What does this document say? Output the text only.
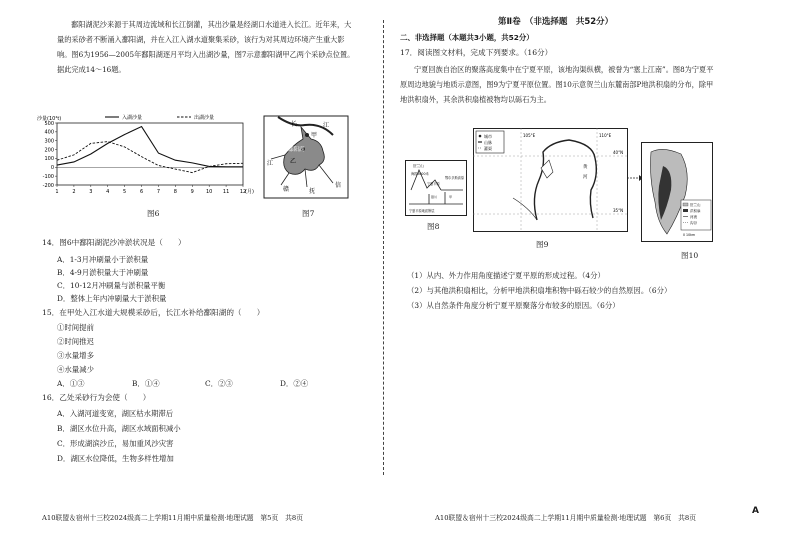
鄱阳湖泥沙来源于其周边流域和长江倒灌，其出沙量是经湖口水道进入长江。近年来，大量的采砂者不断涌入鄱阳湖，并在入江入湖水道聚集采砂，该行为对其周边环境产生重大影响。图6为1956—2005年鄱阳湖逐月平均入出湖沙量，图7示意鄱阳湖甲乙两个采砂点位置。据此完成14～16题。

-200
-100
0
100
200
300
400
500
1	2	3	4	5	6	7	8	9 10 11 12
(月)
沙量(10⁴t)	入湖沙量	出湖沙量
图6
长	江
甲
鄱阳湖
乙
江
赣	抚
信
图7

14．图6中鄱阳湖泥沙冲淤状况是（　　）

A．1-3月冲刷量小于淤积量

B．4-9月淤积量大于冲刷量

C．10-12月冲刷量与淤积量平衡

D．整体上年内冲刷量大于淤积量

15．在甲处入江水道大规模采砂后，长江水补给鄱阳湖的（　　）

①时间提前

②时间推迟

③水量增多

④水量减少

A．①③	B．①④	C．②③	D．②④

16．乙处采砂行为会使（　　）

A．入湖河道变宽，湖区枯水期滞后

B．湖区水位升高，湖区水域面积减小

C．形成湖滨沙丘，易加重风沙灾害

D．湖区水位降低，生物多样性增加

A10联盟＆宿州十三校2024级高二上学期11月期中质量检测·地理试题　第5页　共8页
第Ⅱ卷　（非选择题　共52分）
二、非选择题（本题共3小题，共52分）

17．阅读图文材料，完成下列要求。（16分）

宁夏回族自治区的聚落高度集中在宁夏平原，该地沟渠纵横，被誉为“塞上江南”。图8为宁夏平原周边地貌与地质示意图，图9为宁夏平原位置。图10示意贺兰山东麓南部P地洪积扇的分布，除甲地洪积扇外，其余洪积扇植被物均以砾石为主。

贺兰山
海拔3000米
宁夏平原
鄂尔多斯高原
宁夏平原地质断层
银川	甲
图8
城市
山脉
灌渠
105°E	110°E
40°N
35°N
黄
河
图9
贺兰山
洪积扇
河流
沟谷
0 10km
图10

（1）从内、外力作用角度描述宁夏平原的形成过程。（4分）

（2）与其他洪积扇相比，分析甲地洪积扇堆积物中砾石较少的自然原因。（6分）

（3）从自然条件角度分析宁夏平原聚落分布较多的原因。（6分）

A10联盟＆宿州十三校2024级高二上学期11月期中质量检测·地理试题　第6页　共8页
A
